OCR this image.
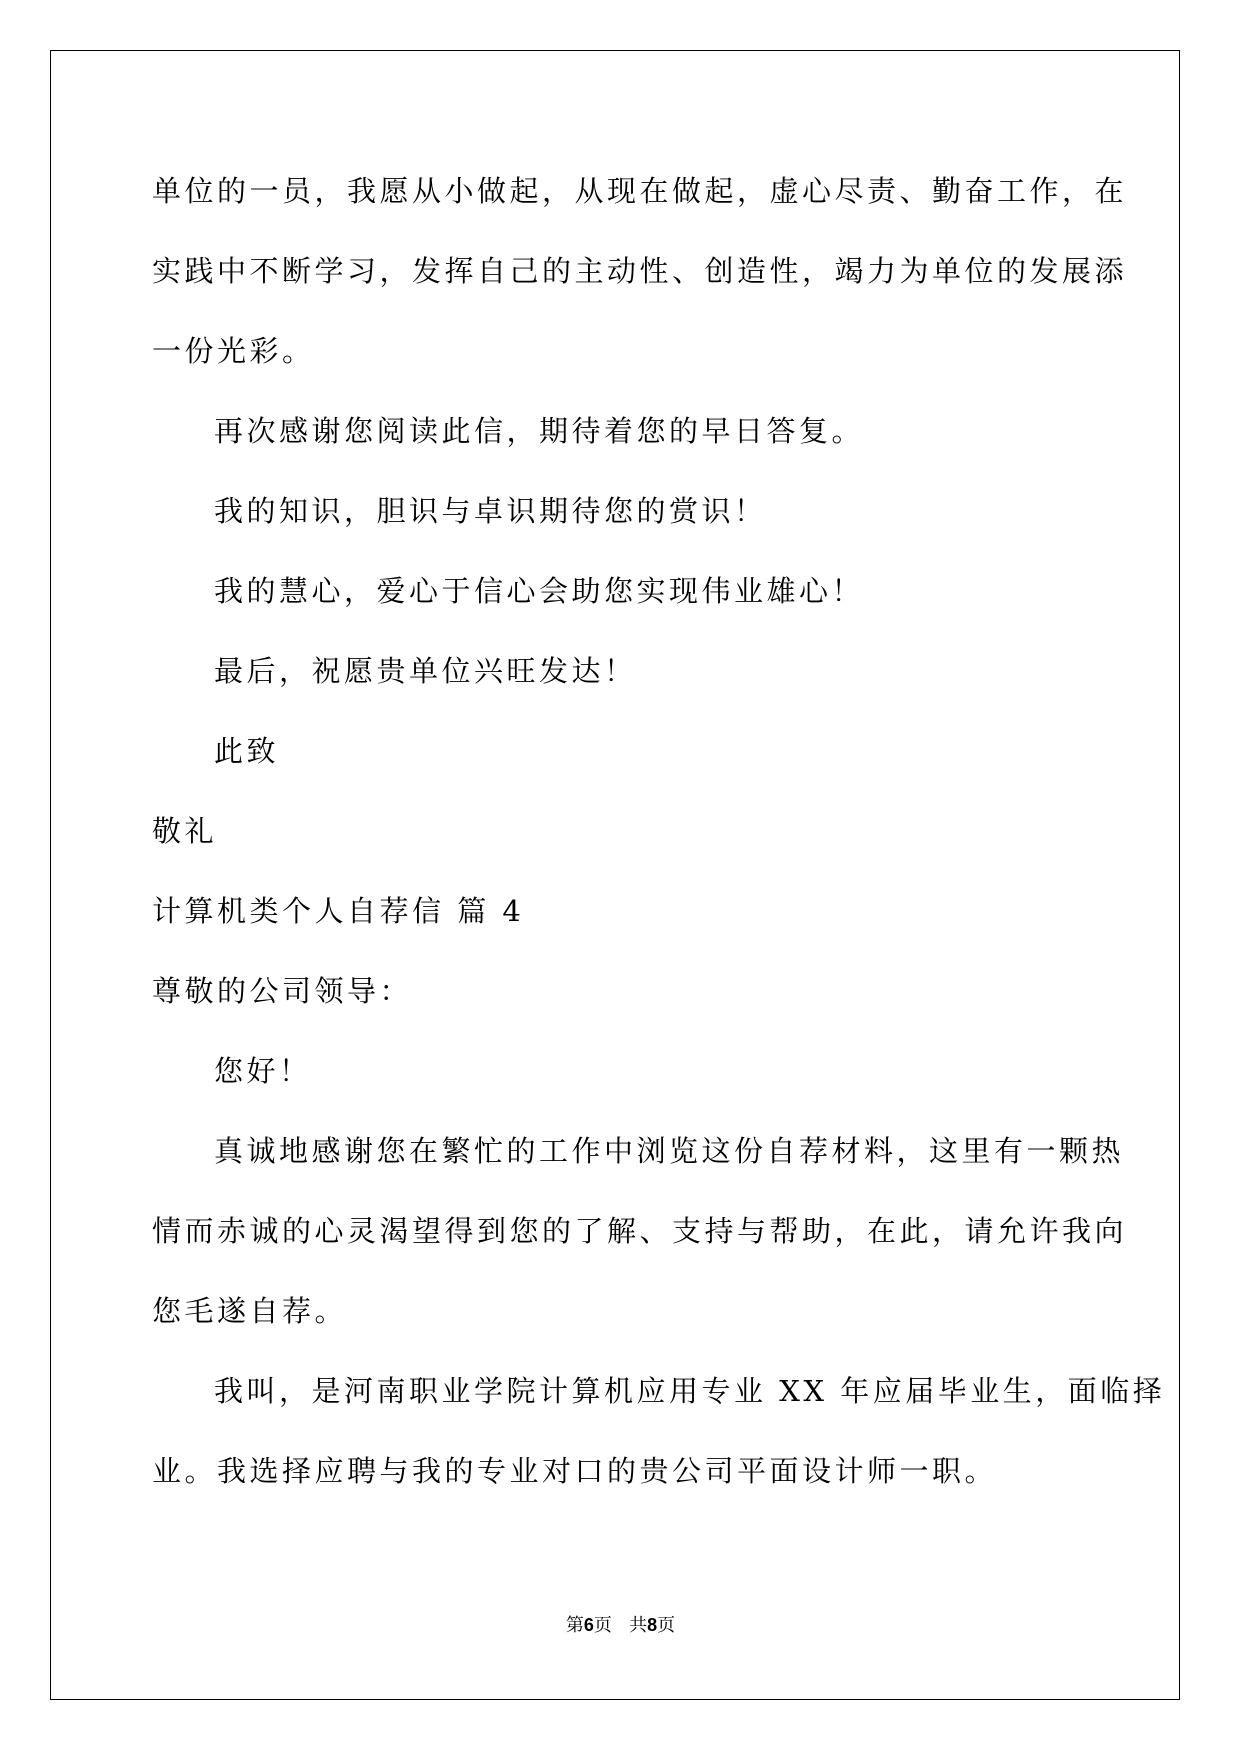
单位的一员，我愿从小做起，从现在做起，虚心尽责、勤奋工作，在
实践中不断学习，发挥自己的主动性、创造性，竭力为单位的发展添
一份光彩。
再次感谢您阅读此信，期待着您的早日答复。
我的知识，胆识与卓识期待您的赏识！
我的慧心，爱心于信心会助您实现伟业雄心！
最后，祝愿贵单位兴旺发达！
此致
敬礼
计算机类个人自荐信 篇 4
尊敬的公司领导：
您好！
真诚地感谢您在繁忙的工作中浏览这份自荐材料，这里有一颗热
情而赤诚的心灵渴望得到您的了解、支持与帮助，在此，请允许我向
您毛遂自荐。
我叫，是河南职业学院计算机应用专业 XX 年应届毕业生，面临择
业。我选择应聘与我的专业对口的贵公司平面设计师一职。
第6页   共8页
